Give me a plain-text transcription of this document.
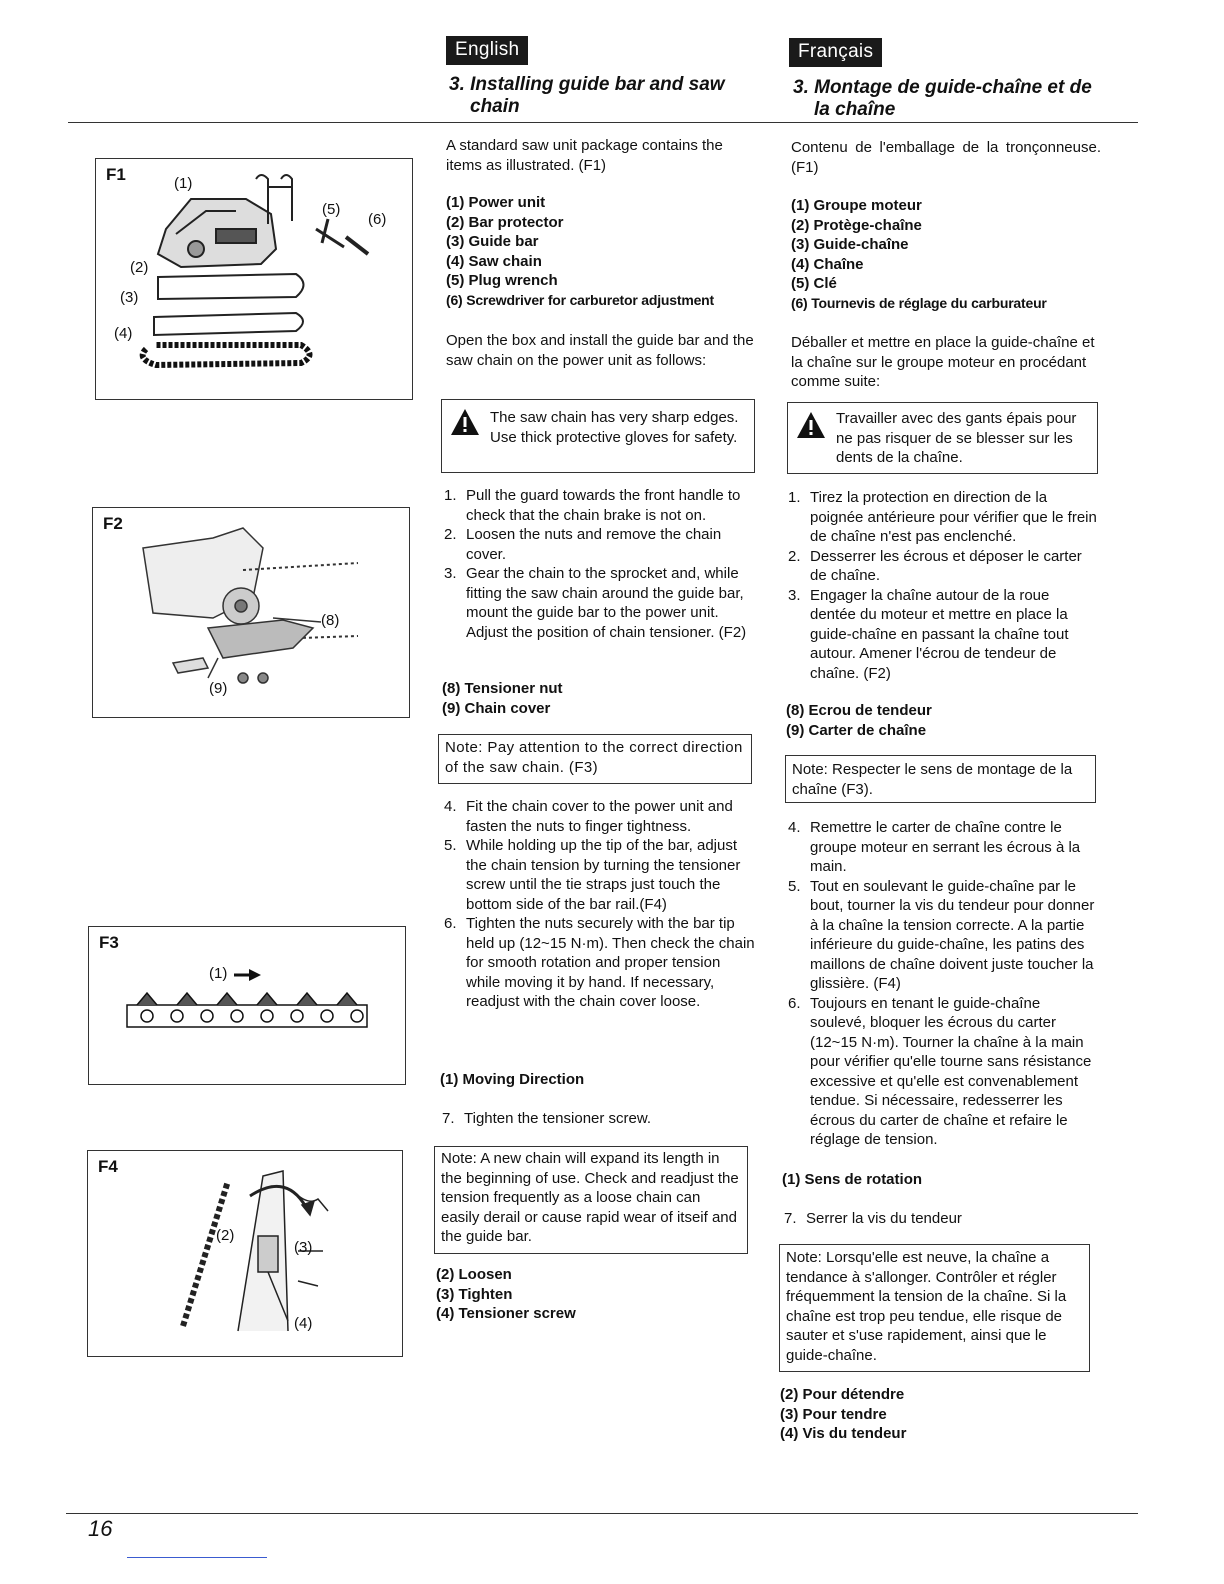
English	Français
3. Installing guide bar and saw
chain
3. Montage de guide-chaîne et de
la chaîne
F1	(1)
(2)
(3)
(4)
(5)
(6)
F2
(8)
(9)
F3
(1)
F4
(2)
(3)
(4)
A standard saw unit package contains the items as illustrated. (F1)
(1) Power unit
(2) Bar protector
(3) Guide bar
(4) Saw chain
(5) Plug wrench
(6) Screwdriver for carburetor adjustment
Open the box and install the guide bar and the saw chain on the power unit as follows:
The saw chain has very sharp edges. Use thick protective gloves for safety.
1. Pull the guard towards the front handle to check that the chain brake is not on.
2. Loosen the nuts and remove the chain cover.
3. Gear the chain to the sprocket and, while fitting the saw chain around the guide bar, mount the guide bar to the power unit. Adjust the position of chain tensioner. (F2)
(8) Tensioner nut
(9) Chain cover
Note: Pay attention to the correct direction of the saw chain. (F3)
4. Fit the chain cover to the power unit and fasten the nuts to finger tightness.
5. While holding up the tip of the bar, adjust the chain tension by turning the tensioner screw until the tie straps just touch the bottom side of the bar rail.(F4)
6. Tighten the nuts securely with the bar tip held up (12~15 N·m). Then check the chain for smooth rotation and proper tension while moving it by hand. If necessary, readjust with the chain cover loose.
(1) Moving Direction
7. Tighten the tensioner screw.
Note: A new chain will expand its length in the beginning of use. Check and readjust the tension frequently as a loose chain can easily derail or cause rapid wear of itseif and the guide bar.
(2) Loosen
(3) Tighten
(4) Tensioner screw
Contenu de l'emballage de la tronçonneuse. (F1)
(1) Groupe moteur
(2) Protège-chaîne
(3) Guide-chaîne
(4) Chaîne
(5) Clé
(6) Tournevis de réglage du carburateur
Déballer et mettre en place la guide-chaîne et la chaîne sur le groupe moteur en procédant comme suite:
Travailler avec des gants épais pour ne pas risquer de se blesser sur les dents de la chaîne.
1. Tirez la protection en direction de la poignée antérieure pour vérifier que le frein de chaîne n'est pas enclenché.
2. Desserrer les écrous et déposer le carter de chaîne.
3. Engager la chaîne autour de la roue dentée du moteur et mettre en place la guide-chaîne en passant la chaîne tout autour. Amener l'écrou de tendeur de chaîne. (F2)
(8) Ecrou de tendeur
(9) Carter de chaîne
Note: Respecter le sens de montage de la chaîne (F3).
4. Remettre le carter de chaîne contre le groupe moteur en serrant les écrous à la main.
5. Tout en soulevant le guide-chaîne par le bout, tourner la vis du tendeur pour donner à la chaîne la tension correcte. A la partie inférieure du guide-chaîne, les patins des maillons de chaîne doivent juste toucher la glissière. (F4)
6. Toujours en tenant le guide-chaîne soulevé, bloquer les écrous du carter (12~15 N·m). Tourner la chaîne à la main pour vérifier qu'elle tourne sans résistance excessive et qu'elle est convenablement tendue. Si nécessaire, redesserrer les écrous du carter de chaîne et refaire le réglage de tension.
(1) Sens de rotation
7. Serrer la vis du tendeur
Note: Lorsqu'elle est neuve, la chaîne a tendance à s'allonger. Contrôler et régler fréquemment la tension de la chaîne. Si la chaîne est trop peu tendue, elle risque de sauter et s'use rapidement, ainsi que le guide-chaîne.
(2) Pour détendre
(3) Pour tendre
(4) Vis du tendeur
16
